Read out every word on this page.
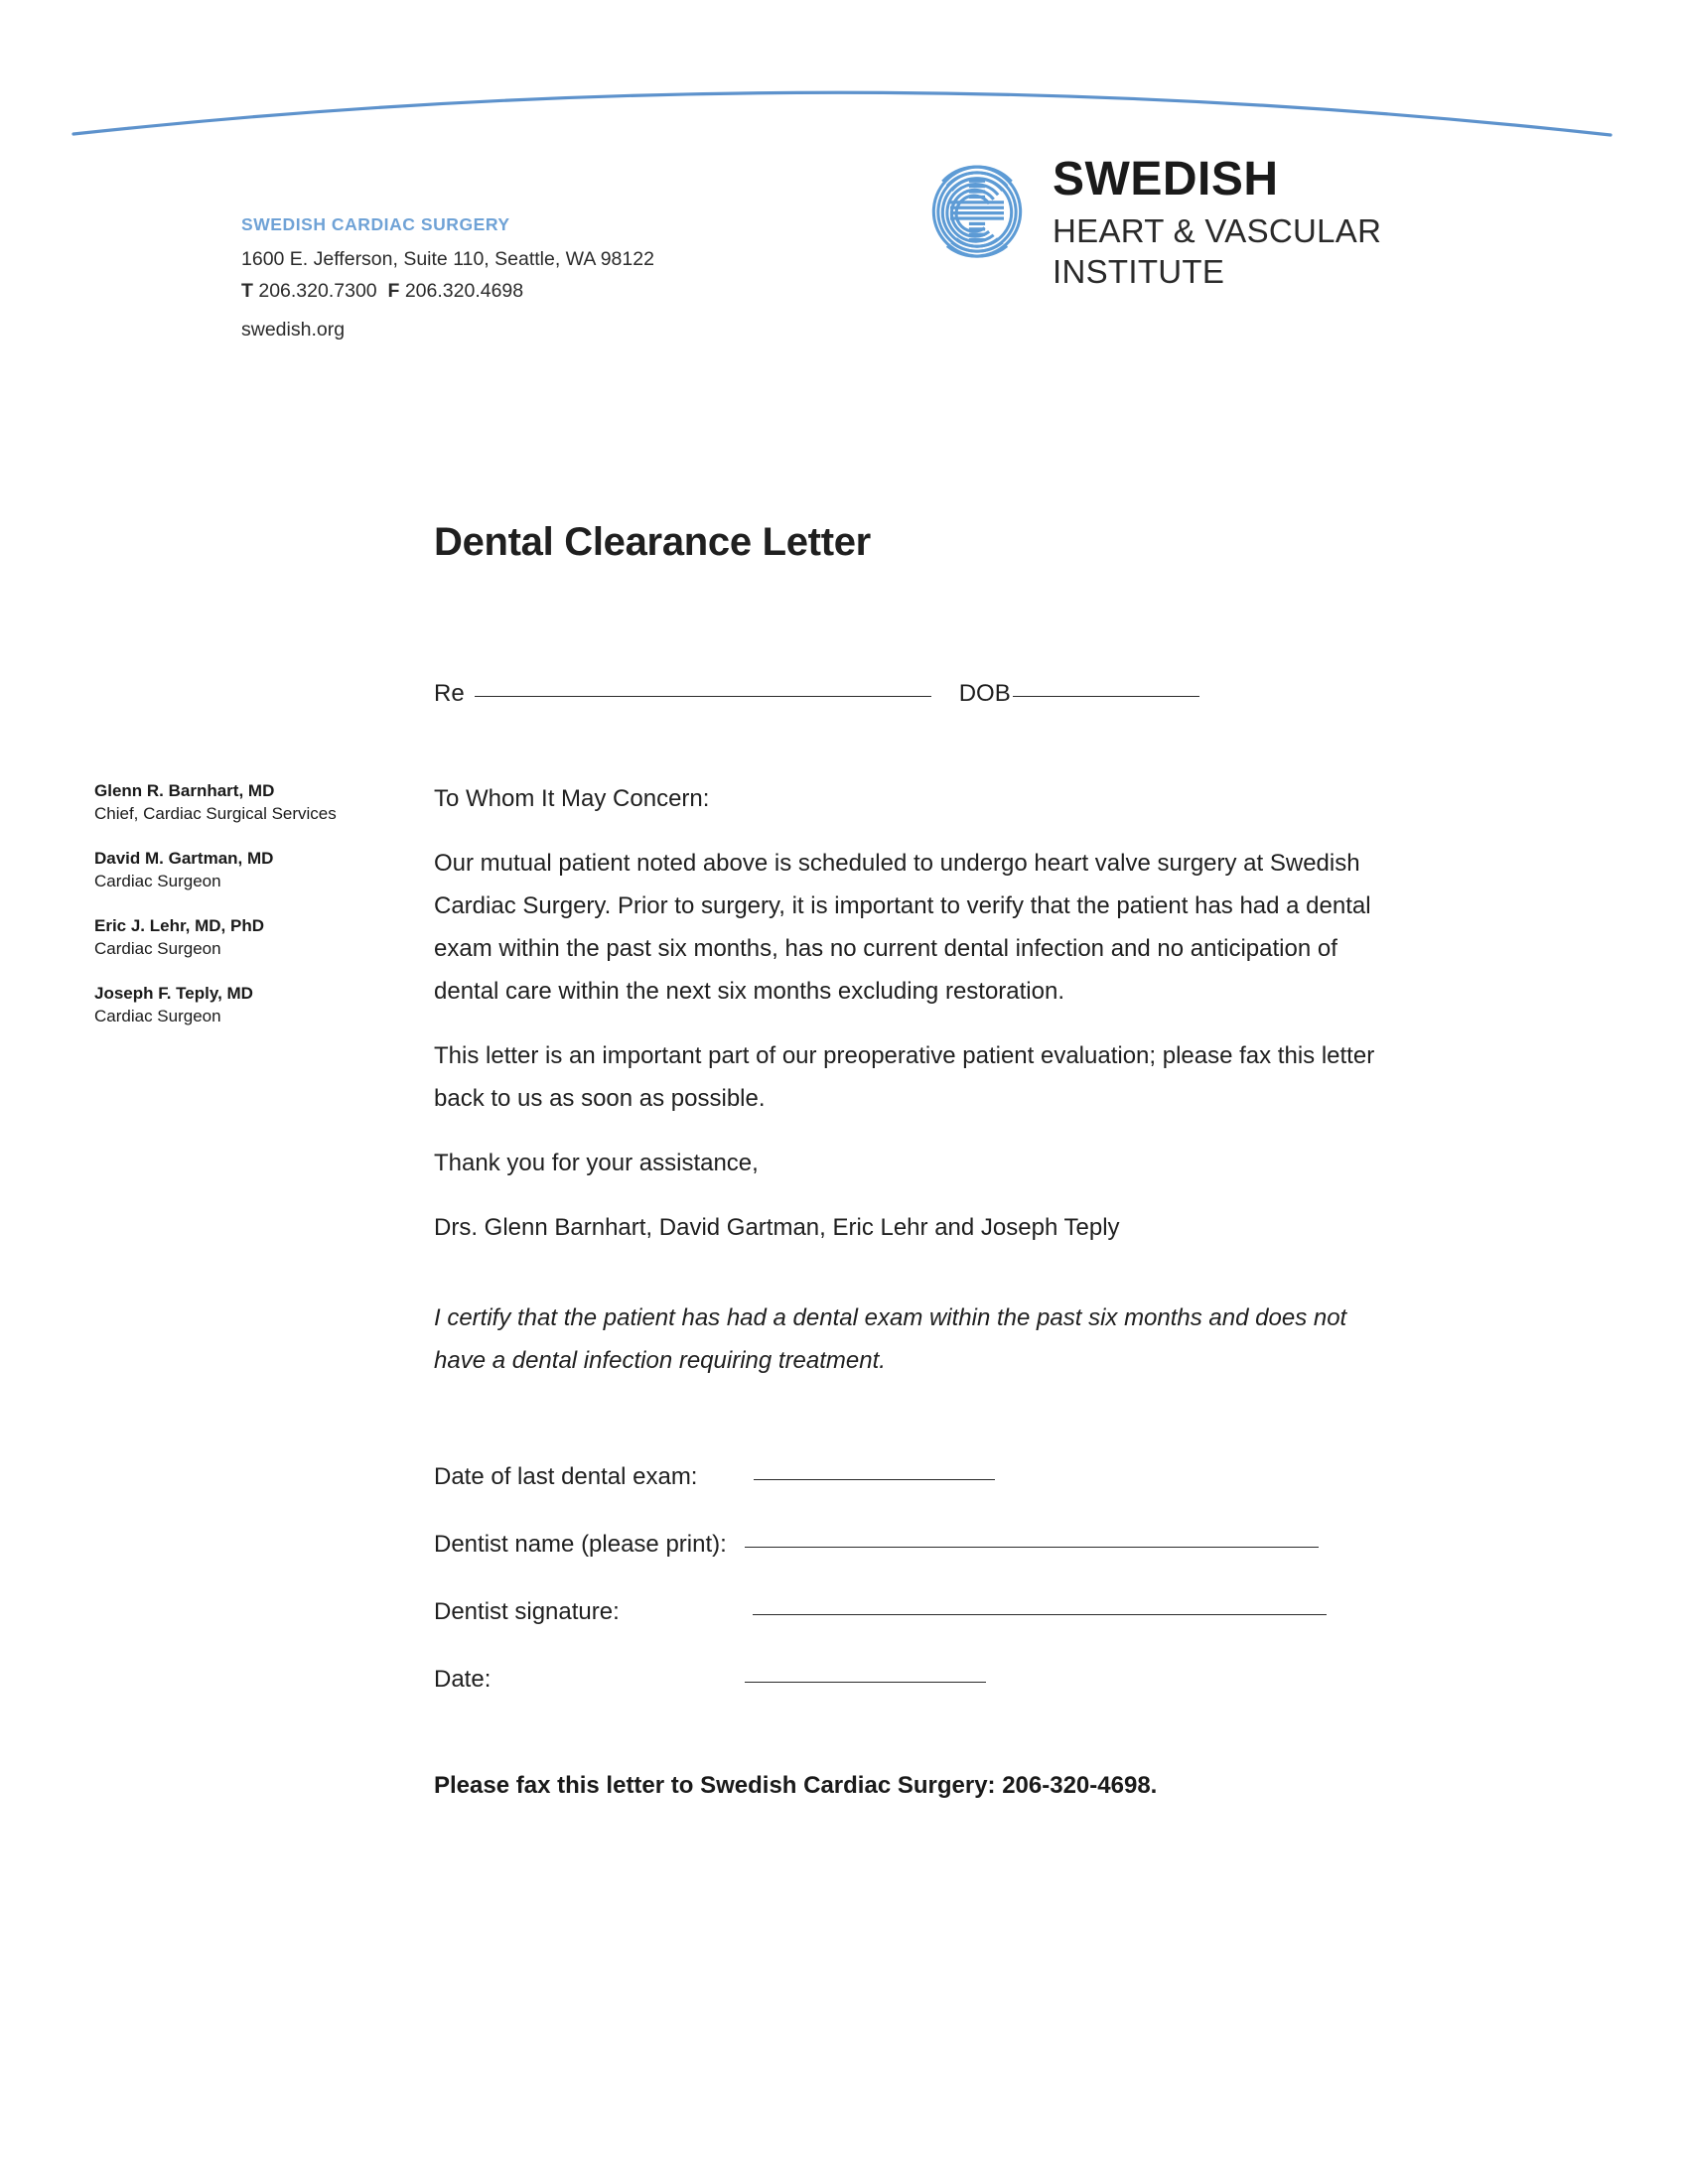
SWEDISH CARDIAC SURGERY
1600 E. Jefferson, Suite 110, Seattle, WA 98122
T 206.320.7300 F 206.320.4698
swedish.org
SWEDISH
HEART & VASCULAR
INSTITUTE
Dental Clearance Letter
Re	DOB
Glenn R. Barnhart, MD
Chief, Cardiac Surgical Services
David M. Gartman, MD
Cardiac Surgeon
Eric J. Lehr, MD, PhD
Cardiac Surgeon
Joseph F. Teply, MD
Cardiac Surgeon

To Whom It May Concern:

Our mutual patient noted above is scheduled to undergo heart valve surgery at Swedish Cardiac Surgery. Prior to surgery, it is important to verify that the patient has had a dental exam within the past six months, has no current dental infection and no anticipation of dental care within the next six months excluding restoration.

This letter is an important part of our preoperative patient evaluation; please fax this letter back to us as soon as possible.

Thank you for your assistance,

Drs. Glenn Barnhart, David Gartman, Eric Lehr and Joseph Teply

I certify that the patient has had a dental exam within the past six months and does not have a dental infection requiring treatment.

Date of last dental exam:
Dentist name (please print):
Dentist signature:
Date:
Please fax this letter to Swedish Cardiac Surgery: 206-320-4698.
